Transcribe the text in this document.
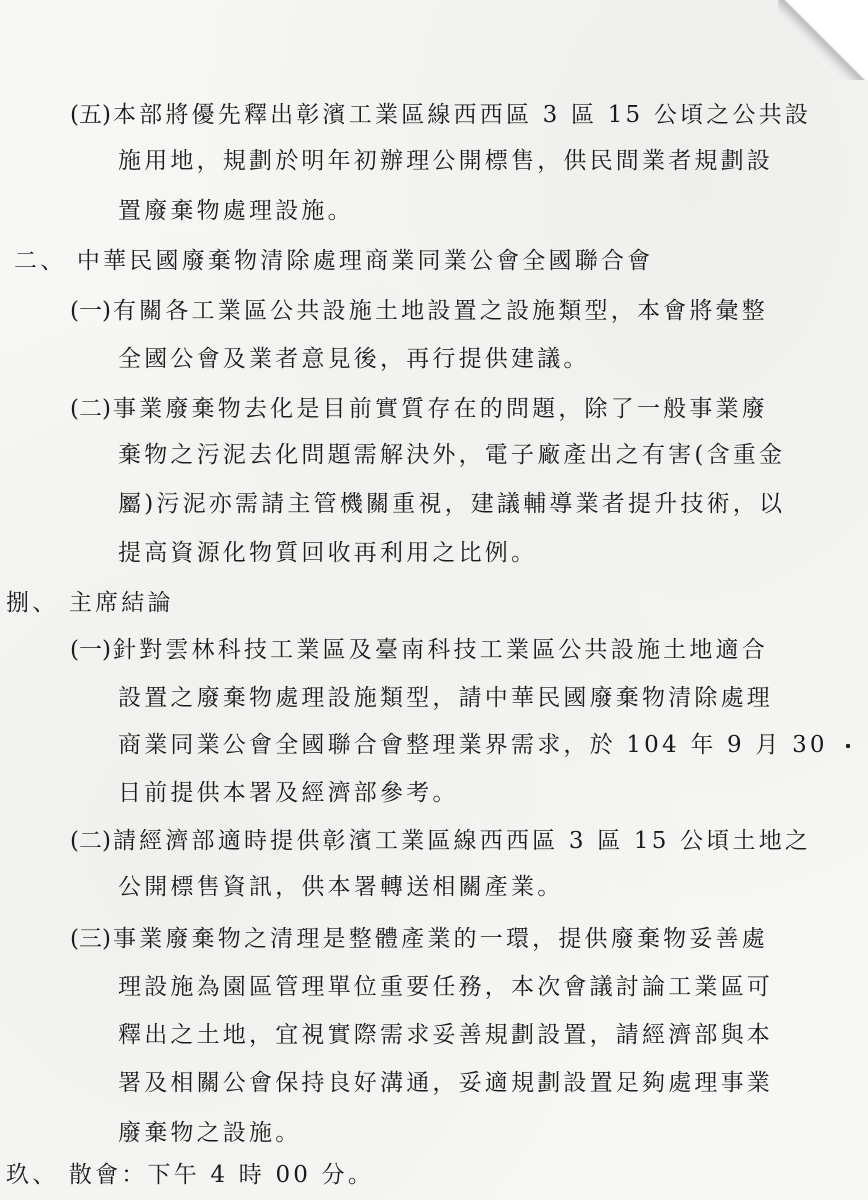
(五)本部將優先釋出彰濱工業區線西西區 3 區 15 公頃之公共設
施用地，規劃於明年初辦理公開標售，供民間業者規劃設
置廢棄物處理設施。
二、 中華民國廢棄物清除處理商業同業公會全國聯合會
(一)有關各工業區公共設施土地設置之設施類型，本會將彙整
全國公會及業者意見後，再行提供建議。
(二)事業廢棄物去化是目前實質存在的問題，除了一般事業廢
棄物之污泥去化問題需解決外，電子廠產出之有害(含重金
屬)污泥亦需請主管機關重視，建議輔導業者提升技術，以
提高資源化物質回收再利用之比例。
捌、 主席結論
(一)針對雲林科技工業區及臺南科技工業區公共設施土地適合
設置之廢棄物處理設施類型，請中華民國廢棄物清除處理
商業同業公會全國聯合會整理業界需求，於 104 年 9 月 30
日前提供本署及經濟部參考。
(二)請經濟部適時提供彰濱工業區線西西區 3 區 15 公頃土地之
公開標售資訊，供本署轉送相關產業。
(三)事業廢棄物之清理是整體產業的一環，提供廢棄物妥善處
理設施為園區管理單位重要任務，本次會議討論工業區可
釋出之土地，宜視實際需求妥善規劃設置，請經濟部與本
署及相關公會保持良好溝通，妥適規劃設置足夠處理事業
廢棄物之設施。
玖、 散會：下午 4 時 00 分。
